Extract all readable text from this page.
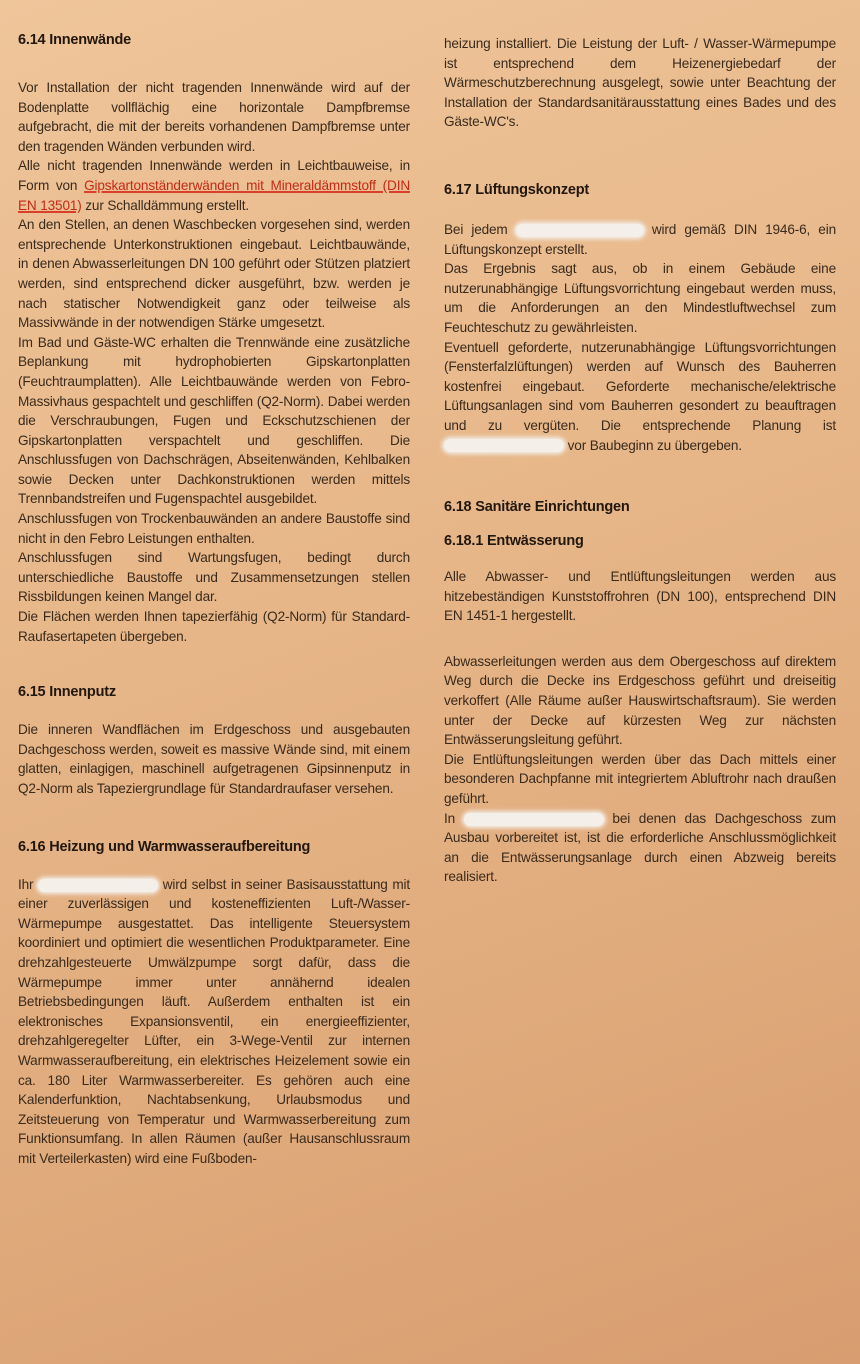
6.14 Innenwände

Vor Installation der nicht tragenden Innenwände wird auf der Bodenplatte vollflächig eine horizontale Dampfbremse aufgebracht, die mit der bereits vorhandenen Dampfbremse unter den tragenden Wänden verbunden wird.

Alle nicht tragenden Innenwände werden in Leichtbauweise, in Form von Gipskartonständerwänden mit Mineraldämmstoff (DIN EN 13501) zur Schalldämmung erstellt.

An den Stellen, an denen Waschbecken vorgesehen sind, werden entsprechende Unterkonstruktionen eingebaut. Leichtbauwände, in denen Abwasserleitungen DN 100 geführt oder Stützen platziert werden, sind entsprechend dicker ausgeführt, bzw. werden je nach statischer Notwendigkeit ganz oder teilweise als Massivwände in der notwendigen Stärke umgesetzt.

Im Bad und Gäste-WC erhalten die Trennwände eine zusätzliche Beplankung mit hydrophobierten Gipskartonplatten (Feuchtraumplatten). Alle Leichtbauwände werden von Febro-Massivhaus gespachtelt und geschliffen (Q2-Norm). Dabei werden die Verschraubungen, Fugen und Eckschutzschienen der Gipskartonplatten verspachtelt und geschliffen. Die Anschlussfugen von Dachschrägen, Abseitenwänden, Kehlbalken sowie Decken unter Dachkonstruktionen werden mittels Trennbandstreifen und Fugenspachtel ausgebildet.

Anschlussfugen von Trockenbauwänden an andere Baustoffe sind nicht in den Febro Leistungen enthalten.

Anschlussfugen sind Wartungsfugen, bedingt durch unterschiedliche Baustoffe und Zusammensetzungen stellen Rissbildungen keinen Mangel dar.

Die Flächen werden Ihnen tapezierfähig (Q2-Norm) für Standard-Raufasertapeten übergeben.

6.15 Innenputz

Die inneren Wandflächen im Erdgeschoss und ausgebauten Dachgeschoss werden, soweit es massive Wände sind, mit einem glatten, einlagigen, maschinell aufgetragenen Gipsinnenputz in Q2-Norm als Tapeziergrundlage für Standardraufaser versehen.

6.16 Heizung und Warmwasseraufbereitung

Ihr	wird selbst in seiner Basisausstattung mit einer zuverlässigen und kosteneffizienten Luft-/Wasser-Wärmepumpe ausgestattet. Das intelligente Steuersystem koordiniert und optimiert die wesentlichen Produktparameter. Eine drehzahlgesteuerte Umwälzpumpe sorgt dafür, dass die Wärmepumpe immer unter annähernd idealen Betriebsbedingungen läuft. Außerdem enthalten ist ein elektronisches Expansionsventil, ein energieeffizienter, drehzahlgeregelter Lüfter, ein 3-Wege-Ventil zur internen Warmwasseraufbereitung, ein elektrisches Heizelement sowie ein ca. 180 Liter Warmwasserbereiter. Es gehören auch eine Kalenderfunktion, Nachtabsenkung, Urlaubsmodus und Zeitsteuerung von Temperatur und Warmwasserbereitung zum Funktionsumfang. In allen Räumen (außer Hausanschlussraum mit Verteilerkasten) wird eine Fußboden-

heizung installiert. Die Leistung der Luft- / Wasser-Wärmepumpe ist entsprechend dem Heizenergiebedarf der Wärmeschutzberechnung ausgelegt, sowie unter Beachtung der Installation der Standardsanitärausstattung eines Bades und des Gäste-WC's.

6.17 Lüftungskonzept

Bei jedem	wird gemäß DIN 1946-6, ein Lüftungskonzept erstellt.

Das Ergebnis sagt aus, ob in einem Gebäude eine nutzerunabhängige Lüftungsvorrichtung eingebaut werden muss, um die Anforderungen an den Mindestluftwechsel zum Feuchteschutz zu gewährleisten.

Eventuell geforderte, nutzerunabhängige Lüftungsvorrichtungen (Fensterfalzlüftungen) werden auf Wunsch des Bauherren kostenfrei eingebaut. Geforderte mechanische/elektrische Lüftungsanlagen sind vom Bauherren gesondert zu beauftragen und zu vergüten. Die entsprechende Planung ist  vor Baubeginn zu übergeben.

6.18 Sanitäre Einrichtungen
6.18.1 Entwässerung

Alle Abwasser- und Entlüftungsleitungen werden aus hitzebeständigen Kunststoffrohren (DN 100), entsprechend DIN EN 1451-1 hergestellt.

Abwasserleitungen werden aus dem Obergeschoss auf direktem Weg durch die Decke ins Erdgeschoss geführt und dreiseitig verkoffert (Alle Räume außer Hauswirtschaftsraum). Sie werden unter der Decke auf kürzesten Weg zur nächsten Entwässerungsleitung geführt.

Die Entlüftungsleitungen werden über das Dach mittels einer besonderen Dachpfanne mit integriertem Abluftrohr nach draußen geführt.

In	bei denen das Dachgeschoss zum Ausbau vorbereitet ist, ist die erforderliche Anschlussmöglichkeit an die Entwässerungsanlage durch einen Abzweig bereits realisiert.
